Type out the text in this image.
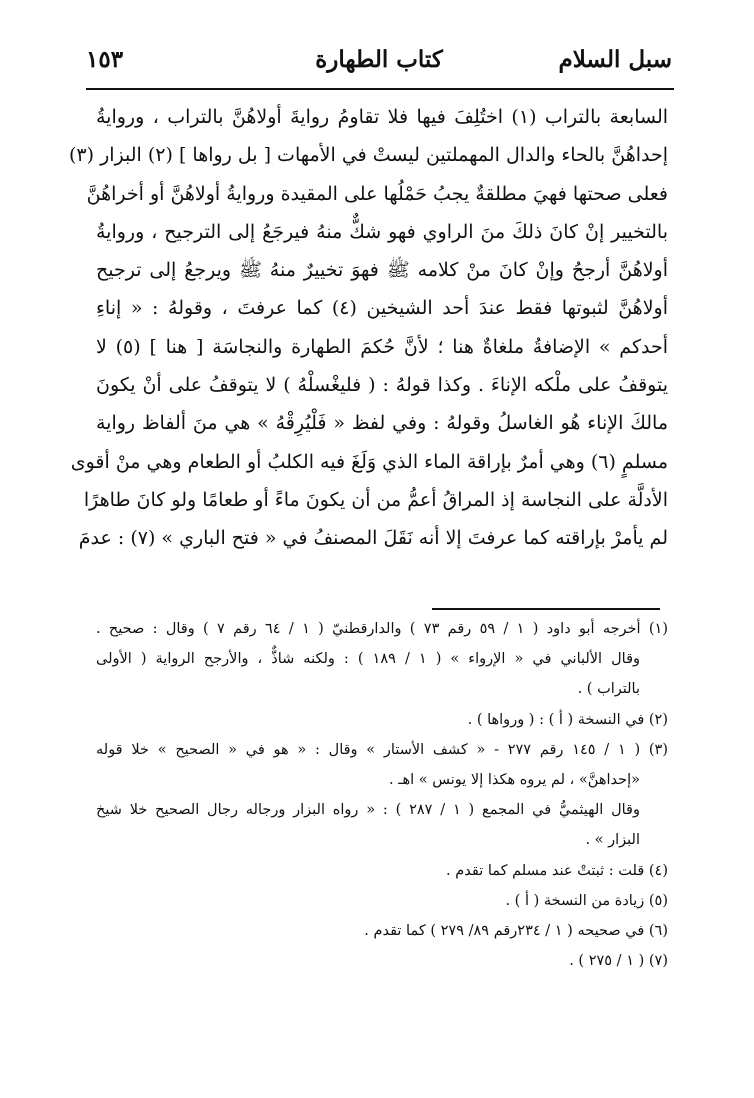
سبل السلام
كتاب الطهارة
١٥٣
السابعة بالتراب (١) اختُلِفَ فيها فلا تقاومُ روايةَ أولاهُنَّ بالتراب ، وروايةُ
إحداهُنَّ بالحاء والدال المهملتين ليستْ في الأمهات [ بل رواها ] (٢) البزار (٣)
فعلى صحتها فهيَ مطلقةٌ يجبُ حَمْلُها على المقيدة وروايةُ أولاهُنَّ أو أخراهُنَّ
بالتخيير إنْ كانَ ذلكَ منَ الراوي فهو شكٌّ منهُ فيرجَعُ إلى الترجيح ، وروايةُ
أولاهُنَّ أرجحُ وإنْ كانَ منْ كلامه ﷺ فهوَ تخييرٌ منهُ ﷺ ويرجعُ إلى ترجيح
أولاهُنَّ لثبوتها فقط عندَ أحد الشيخين (٤) كما عرفتَ ، وقولهُ : « إناءِ
أحدكم » الإضافةُ ملغاةٌ هنا ؛ لأنَّ حُكمَ الطهارة والنجاسَة [ هنا ] (٥) لا
يتوقفُ على ملْكه الإناءَ . وكذا قولهُ : ( فليغْسلْهُ ) لا يتوقفُ على أنْ يكونَ
مالكَ الإناء هُو الغاسلُ وقولهُ : وفي لفظ « فَلْيُرِقْهُ » هي منَ ألفاظ رواية
مسلمٍ (٦) وهي أمرٌ بإراقة الماء الذي وَلَغَ فيه الكلبُ أو الطعام وهي منْ أقوى
الأدلَّة على النجاسة إذ المراقُ أعمُّ من أن يكونَ ماءً أو طعامًا ولو كانَ طاهرًا
لم يأمرْ بإراقته كما عرفتَ إلا أنه نَقَلَ المصنفُ في « فتح الباري » (٧) : عدمَ
(١) أخرجه أبو داود ( ١ / ٥٩ رقم ٧٣ ) والدارقطنيّ ( ١ / ٦٤ رقم ٧ ) وقال : صحيح .
وقال الألباني في « الإرواء » ( ١ / ١٨٩ ) : ولكنه شاذٌّ ، والأرجح الرواية ( الأولى
بالتراب ) .
(٢) في النسخة ( أ ) : ( ورواها ) .
(٣) ( ١ / ١٤٥ رقم ٢٧٧ - « كشف الأستار » وقال : « هو في « الصحيح » خلا قوله
«إحداهنَّ» ، لم يروه هكذا إلا يونس » اهـ .
وقال الهيثميُّ في المجمع ( ١ / ٢٨٧ ) : « رواه البزار ورجاله رجال الصحيح خلا شيخ
البزار » .
(٤) قلت : ثبتتْ عند مسلم كما تقدم .
(٥) زيادة من النسخة ( أ ) .
(٦) في صحيحه ( ١ / ٢٣٤رقم ٨٩/ ٢٧٩ ) كما تقدم .
(٧) ( ١ / ٢٧٥ ) .
